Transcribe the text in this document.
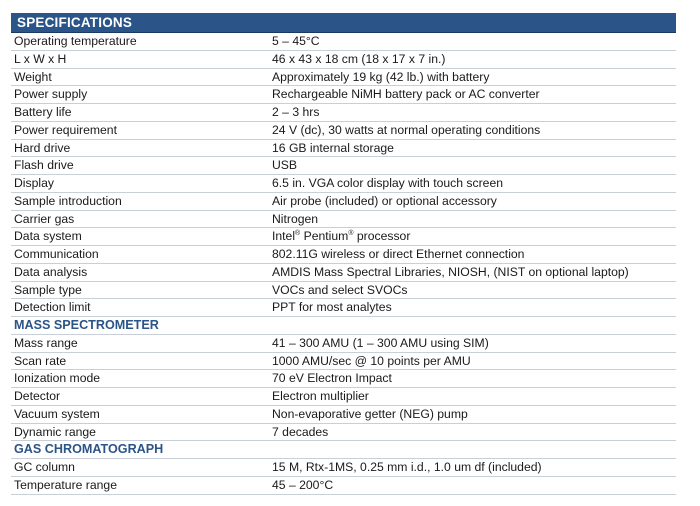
SPECIFICATIONS
Operating temperature	5 – 45°C
L x W x H	46 x 43 x 18 cm (18 x 17 x 7 in.)
Weight	Approximately 19 kg (42 lb.) with battery
Power supply	Rechargeable NiMH battery pack or AC converter
Battery life	2 – 3 hrs
Power requirement	24 V (dc), 30 watts at normal operating conditions
Hard drive	16 GB internal storage
Flash drive	USB
Display	6.5 in. VGA color display with touch screen
Sample introduction	Air probe (included) or optional accessory
Carrier gas	Nitrogen
Data system	Intel® Pentium® processor
Communication	802.11G wireless or direct Ethernet connection
Data analysis	AMDIS Mass Spectral Libraries, NIOSH, (NIST on optional laptop)
Sample type	VOCs and select SVOCs
Detection limit	PPT for most analytes
MASS SPECTROMETER
Mass range	41 – 300 AMU (1 – 300 AMU using SIM)
Scan rate	1000 AMU/sec @ 10 points per AMU
Ionization mode	70 eV Electron Impact
Detector	Electron multiplier
Vacuum system	Non-evaporative getter (NEG) pump
Dynamic range	7 decades
GAS CHROMATOGRAPH
GC column	15 M, Rtx-1MS, 0.25 mm i.d., 1.0 um df (included)
Temperature range	45 – 200°C
